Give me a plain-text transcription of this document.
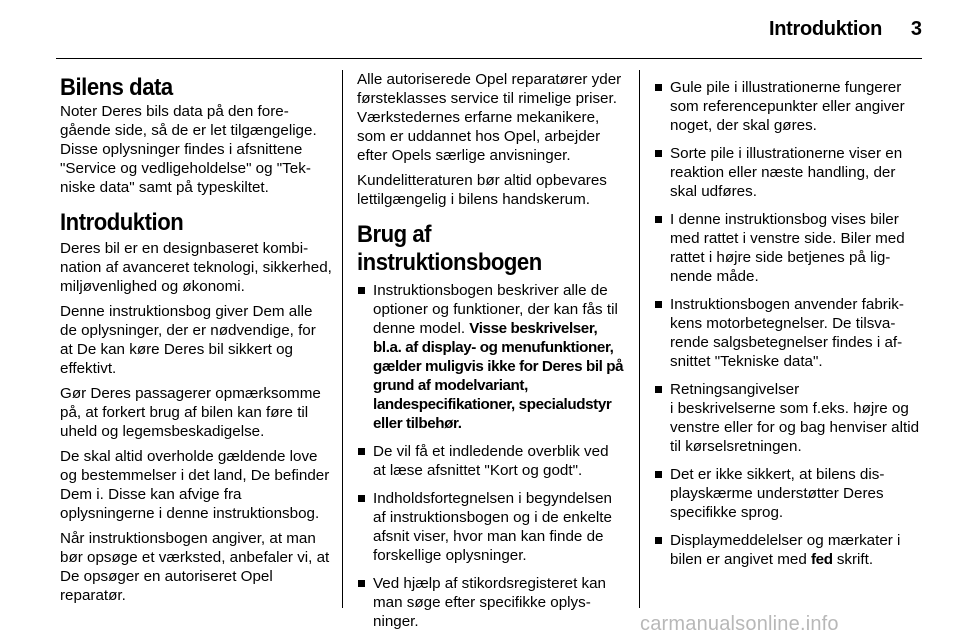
Introduktion 3
Bilens data

Noter Deres bils data på den foregående side, så de er let tilgængelige. Disse oplysninger findes i afsnittene "Service og vedligeholdelse" og "Tekniske data" samt på typeskiltet.

Introduktion

Deres bil er en designbaseret kombination af avanceret teknologi, sikkerhed, miljøvenlighed og økonomi.

Denne instruktionsbog giver Dem alle de oplysninger, der er nødvendige, for at De kan køre Deres bil sikkert og effektivt.

Gør Deres passagerer opmærksomme på, at forkert brug af bilen kan føre til uheld og legemsbeskadigelse.

De skal altid overholde gældende love og bestemmelser i det land, De befinder Dem i. Disse kan afvige fra oplysningerne i denne instruktionsbog.

Når instruktionsbogen angiver, at man bør opsøge et værksted, anbefaler vi, at De opsøger en autoriseret Opel reparatør.

Alle autoriserede Opel reparatører yder førsteklasses service til rimelige priser. Værkstedernes erfarne mekanikere, som er uddannet hos Opel, arbejder efter Opels særlige anvisninger.

Kundelitteraturen bør altid opbevares lettilgængelig i bilens handskerum.

Brug af instruktionsbogen
Instruktionsbogen beskriver alle de optioner og funktioner, der kan fås til denne model. Visse beskrivelser, bl.a. af display- og menufunktioner, gælder muligvis ikke for Deres bil på grund af modelvariant, landespecifikationer, specialudstyr eller tilbehør.
De vil få et indledende overblik ved at læse afsnittet "Kort og godt".
Indholdsfortegnelsen i begyndelsen af instruktionsbogen og i de enkelte afsnit viser, hvor man kan finde de forskellige oplysninger.
Ved hjælp af stikordsregisteret kan man søge efter specifikke oplysninger.
Gule pile i illustrationerne fungerer som referencepunkter eller angiver noget, der skal gøres.
Sorte pile i illustrationerne viser en reaktion eller næste handling, der skal udføres.
I denne instruktionsbog vises biler med rattet i venstre side. Biler med rattet i højre side betjenes på lignende måde.
Instruktionsbogen anvender fabrikkens motorbetegnelser. De tilsvarende salgsbetegnelser findes i afsnittet "Tekniske data".
Retningsangivelser
i beskrivelserne som f.eks. højre og venstre eller for og bag henviser altid til kørselsretningen.
Det er ikke sikkert, at bilens displayskærme understøtter Deres specifikke sprog.
Displaymeddelelser og mærkater i bilen er angivet med fed skrift.
carmanualsonline.info
